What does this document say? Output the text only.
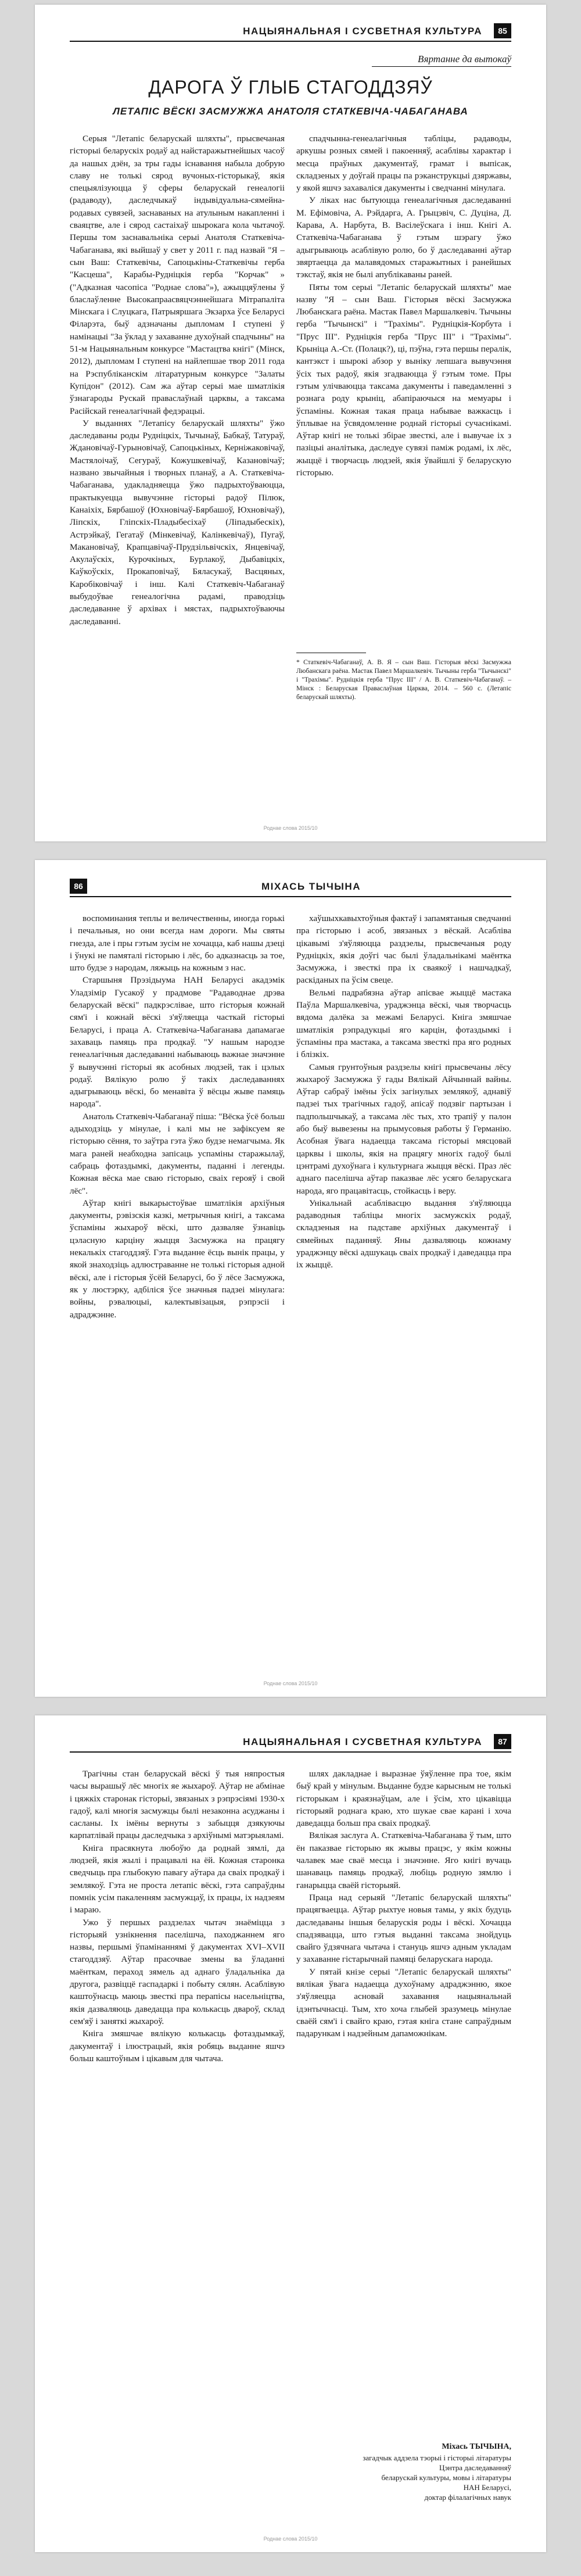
НАЦЫЯНАЛЬНАЯ І СУСВЕТНАЯ КУЛЬТУРА	85
Вяртанне да вытокаў
ДАРОГА Ў ГЛЫБ СТАГОДДЗЯЎ
ЛЕТАПІС ВЁСКІ ЗАСМУЖЖА АНАТОЛЯ СТАТКЕВІЧА-ЧАБАГАНАВА

Серыя "Летапіс беларускай шляхты", прысвечаная гісторыі беларускіх родаў ад найстаражытнейшых часоў да нашых дзён, за тры гады існавання набыла добрую славу не толькі сярод вучоных-гісторыкаў, якія спецыялізуюцца ў сферы беларускай генеалогіі (радаводу), даследчыкаў індывідуальна-сямейна-родавых сувязей, заснаваных на атулыным накапленні і сваяцтве, але і сярод састаіхаў шырокага кола чытачоў. Першы том заснавальніка серыі Анатоля Статкевіча-Чабаганава, які выйшаў у свет у 2011 г. пад назвай "Я – сын Ваш: Статкевічы, Сапоцькіны-Статкевічы герба "Касцеша", Карабы-Рудніцкія герба "Корчак" » ("Адказная часопіса "Роднае слова"»), ажыццяўлены ў бласлаўленне Высокапраасвяцчэннейшага Мітрапаліта Мінскага і Слуцкага, Патрыяршага Экзарха ўсе Беларусі Філарэта, быў адзначаны дыпломам І ступені ў намінацыі "За ўклад у захаванне духоўнай спадчыны" на 51-м Нацыянальным конкурсе "Мастацтва кнігі" (Мінск, 2012), дыпломам І ступені на найлепшае твор 2011 года на Рэспубліканскім літаратурным конкурсе "Залаты Купідон" (2012). Сам жа аўтар серыі мае шматлікія ўзнагароды Рускай праваслаўнай царквы, а таксама Расійскай генеалагічнай федэрацыі.

У выданнях "Летапісу беларускай шляхты" ўжо даследаваны роды Рудніцкіх, Тычынаў, Бабкаў, Татураў, Ждановічаў-Гурыновічаў, Сапоцькіных, Керніжаковічаў, Мастялоічаў, Сегураў, Кожушкевічаў, Казановічаў; названо звычайныя і творных планаў, а А. Статкевіча-Чабаганава, удакладняецца ўжо падрыхтоўваюцца, практыкуецца вывучэнне гісторыі радоў Пілюк, Канаіхіх, Бярбашоў (Юхновічаў-Бярбашоў, Юхновічаў), Ліпскіх, Гліпскіх-Пладыбесіхаў (Ліпадыбескіх), Астрэйкаў, Гегатаў (Мінкевічаў, Калінкевічаў), Пугаў, Макановічаў, Крапцавічаў-Прудзільвічскіх, Янцевічаў, Акулаўскіх, Курочкіных, Бурлакоў, Дыбавіцкіх, Каўкоўскіх, Прокаповічаў, Бяласукаў, Васцяных, Каробіковічаў і інш. Калі Статкевіч-Чабаганаў выбудоўвае генеалогічна радамі, праводзіць даследаванне ў архівах і мястах, падрыхтоўваючы даследаванні.

спадчынна-генеалагічныя табліцы, радаводы, аркушы розных сямей і пакоенняў, асаблівы характар і месца праўных дакументаў, грамат і выпісак, складзеных у доўгай працы па рэканструкцыі дзяржавы, у якой яшчэ захаваліся дакументы і сведчанні мінулага.

У ліках нас бытуюцца генеалагічныя даследаванні М. Ефімовіча, А. Рэйдарга, А. Грыцэвіч, С. Дуціна, Д. Карава, А. Нарбута, В. Васілеўскага і інш. Кнігі А. Статкевіча-Чабаганава ў гэтым шэрагу ўжо адыгрываюць асаблівую ролю, бо ў даследаванні аўтар звяртаецца да малавядомых старажытных і ранейшых тэкстаў, якія не былі апублікаваны раней.

Пяты том серыі "Летапіс беларускай шляхты" мае назву "Я – сын Ваш. Гісторыя вёскі Засмужжа Любанскага раёна. Мастак Павел Маршалкевіч. Тычыны герба "Тычынскі" і "Трахімы". Рудніцкія-Корбута і "Прус ІІІ". Рудніцкія герба "Прус ІІІ" і "Трахімы". Крыніца А.-Ст. (Полацк?), ці, пэўна, гэта першы пералік, кантэкст і шырокі абзор у выніку лепшага вывучэння ўсіх тых радоў, якія згадваюцца ў гэтым томе. Пры гэтым улічваюцца таксама дакументы і паведамленні з рознага роду крыніц, абапіраючыся на мемуары і ўспаміны. Кожная такая праца набывае важкасць і ўплывае на ўсвядомленне роднай гісторыі сучаснікамі. Аўтар кнігі не толькі збірае звесткі, але і вывучае іх з пазіцыі аналітыка, даследуе сувязі паміж родамі, іх лёс, жыццё і творчасць людзей, якія ўвайшлі ў беларускую гісторыю.

* Статкевіч-Чабаганаў, А. В. Я – сын Ваш. Гісторыя вёскі Засмужжа Любанскага раёна. Мастак Павел Маршалкевіч. Тычыны герба "Тычынскі" і "Трахімы". Рудніцкія герба "Прус ІІІ" / А. В. Статкевіч-Чабаганаў. – Мінск : Беларуская Праваслаўная Царква, 2014. – 560 с. (Летапіс беларускай шляхты).
Роднае слова 2015/10
86	МІХАСЬ ТЫЧЫНА

воспоминания теплы и величественны, иногда горькі і печальныя, но они всегда нам дороги. Мы святы гнезда, але і пры гэтым зусім не хочацца, каб нашы дзеці і ўнукі не памяталі гісторыю і лёс, бо адказнасць за тое, што будзе з народам, ляжыць на кожным з нас.

Старшыня Прэзідыума НАН Беларусі акадэмік Уладзімір Гусакоў у прадмове "Радаводнае дрэва беларускай вёскі" падкрэслівае, што гісторыя кожнай сям'і і кожнай вёскі з'яўляецца часткай гісторыі Беларусі, і праца А. Статкевіча-Чабаганава дапамагае захаваць памяць пра продкаў. "У нашым народзе генеалагічныя даследаванні набываюць важнае значэнне ў вывучэнні гісторыі як асобных людзей, так і цэлых родаў. Вялікую ролю ў такіх даследаваннях адыгрываюць вёскі, бо менавіта ў вёсцы жыве памяць народа".

Анатоль Статкевіч-Чабаганаў піша: "Вёска ўсё больш адыходзіць у мінулае, і калі мы не зафіксуем яе гісторыю сёння, то заўтра гэта ўжо будзе немагчыма. Як мага раней неабходна запісаць успаміны старажылаў, сабраць фотаздымкі, дакументы, паданні і легенды. Кожная вёска мае сваю гісторыю, сваіх герояў і свой лёс".

Аўтар кнігі выкарыстоўвае шматлікія архіўныя дакументы, рэвізскія казкі, метрычныя кнігі, а таксама ўспаміны жыхароў вёскі, што дазваляе ўзнавіць цэласную карціну жыцця Засмужжа на працягу некалькіх стагоддзяў. Гэта выданне ёсць вынік працы, у якой знаходзіць адлюстраванне не толькі гісторыя адной вёскі, але і гісторыя ўсёй Беларусі, бо ў лёсе Засмужжа, як у люстэрку, адбіліся ўсе значныя падзеі мінулага: войны, рэвалюцыі, калектывізацыя, рэпрэсіі і адраджэнне.

хаўшыхкавыхтоўныя фактаў і запамятаныя сведчанні пра гісторыю і асоб, звязаных з вёскай. Асабліва цікавымі з'яўляюцца раздзелы, прысвечаныя роду Рудніцкіх, якія доўгі час былі ўладальнікамі маёнтка Засмужжа, і звесткі пра іх сваякоў і нашчадкаў, раскіданых па ўсім свеце.

Вельмі падрабязна аўтар апісвае жыццё мастака Паўла Маршалкевіча, ураджэнца вёскі, чыя творчасць вядома далёка за межамі Беларусі. Кніга змяшчае шматлікія рэпрадукцыі яго карцін, фотаздымкі і ўспаміны пра мастака, а таксама звесткі пра яго родных і блізкіх.

Самыя грунтоўныя раздзелы кнігі прысвечаны лёсу жыхароў Засмужжа ў гады Вялікай Айчыннай вайны. Аўтар сабраў імёны ўсіх загінулых землякоў, аднавіў падзеі тых трагічных гадоў, апісаў подзвіг партызан і падпольшчыкаў, а таксама лёс тых, хто трапіў у палон або быў вывезены на прымусовыя работы ў Германію. Асобная ўвага надаецца таксама гісторыі мясцовай царквы і школы, якія на працягу многіх гадоў былі цэнтрамі духоўнага і культурнага жыцця вёскі. Праз лёс аднаго паселішча аўтар паказвае лёс усяго беларускага народа, яго працавітасць, стойкасць і веру.

Унікальнай асаблівасцю выдання з'яўляюцца радаводныя табліцы многіх засмужскіх родаў, складзеныя на падставе архіўных дакументаў і сямейных паданняў. Яны дазваляюць кожнаму ураджэнцу вёскі адшукаць сваіх продкаў і даведацца пра іх жыццё.

Роднае слова 2015/10
НАЦЫЯНАЛЬНАЯ І СУСВЕТНАЯ КУЛЬТУРА	87

Трагічны стан беларускай вёскі ў тыя няпростыя часы вырашыў лёс многіх яе жыхароў. Аўтар не абмінае і цяжкіх старонак гісторыі, звязаных з рэпрэсіямі 1930-х гадоў, калі многія засмужцы былі незаконна асуджаны і сасланы. Іх імёны вернуты з забыцця дзякуючы карпатлівай працы даследчыка з архіўнымі матэрыяламі.

Кніга прасякнута любоўю да роднай зямлі, да людзей, якія жылі і працавалі на ёй. Кожная старонка сведчыць пра глыбокую павагу аўтара да сваіх продкаў і землякоў. Гэта не проста летапіс вёскі, гэта сапраўдны помнік усім пакаленням засмужцаў, іх працы, іх надзеям і мараю.

Ужо ў першых раздзелах чытач знаёміцца з гісторыяй узнікнення паселішча, паходжаннем яго назвы, першымі ўпамінаннямі ў дакументах XVI–XVII стагоддзяў. Аўтар прасочвае змены ва ўладанні маёнткам, пераход зямель ад аднаго ўладальніка да другога, развіццё гаспадаркі і побыту сялян. Асаблівую каштоўнасць маюць звесткі пра перапісы насельніцтва, якія дазваляюць даведацца пра колькасць двароў, склад сем'яў і заняткі жыхароў.

Кніга змяшчае вялікую колькасць фотаздымкаў, дакументаў і ілюстрацый, якія робяць выданне яшчэ больш каштоўным і цікавым для чытача.

шлях дакладнае і выразнае ўяўленне пра тое, якім быў край у мінулым. Выданне будзе карысным не толькі гісторыкам і краязнаўцам, але і ўсім, хто цікавіцца гісторыяй роднага краю, хто шукае свае карані і хоча даведацца больш пра сваіх продкаў.

Вялікая заслуга А. Статкевіча-Чабаганава ў тым, што ён паказвае гісторыю як жывы працэс, у якім кожны чалавек мае сваё месца і значэнне. Яго кнігі вучаць шанаваць памяць продкаў, любіць родную зямлю і ганарыцца сваёй гісторыяй.

Праца над серыяй "Летапіс беларускай шляхты" працягваецца. Аўтар рыхтуе новыя тамы, у якіх будуць даследаваны іншыя беларускія роды і вёскі. Хочацца спадзявацца, што гэтыя выданні таксама знойдуць свайго ўдзячнага чытача і стануць яшчэ адным укладам у захаванне гістарычнай памяці беларускага народа.

У пятай кнізе серыі "Летапіс беларускай шляхты" вялікая ўвага надаецца духоўнаму адраджэнню, якое з'яўляецца асновай захавання нацыянальнай ідэнтычнасці. Тым, хто хоча глыбей зразумець мінулае сваёй сям'і і свайго краю, гэтая кніга стане сапраўдным падарункам і надзейным дапаможнікам.

Міхась ТЫЧЫНА,
загадчык аддзела тэорыі і гісторыі літаратуры
Цэнтра даследаванняў
беларускай культуры, мовы і літаратуры
НАН Беларусі,
доктар філалагічных навук
Роднае слова 2015/10
